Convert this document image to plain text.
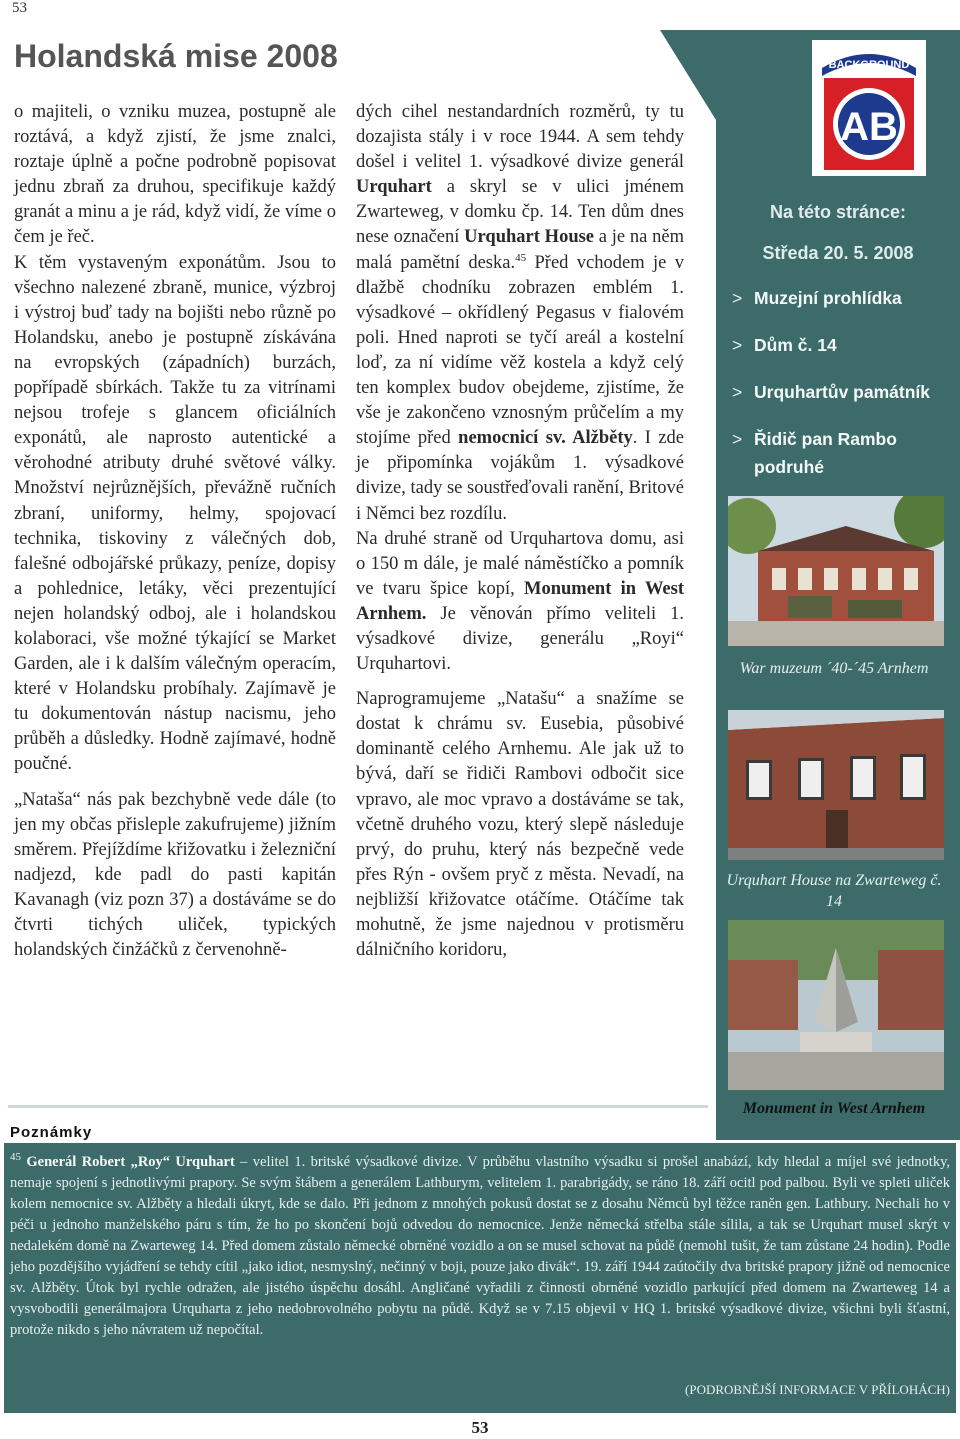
53
Holandská mise 2008

o majiteli, o vzniku muzea, postupně ale roztává, a když zjistí, že jsme znalci, roztaje úplně a počne podrobně popisovat jednu zbraň za druhou, specifikuje každý granát a minu a je rád, když vidí, že víme o čem je řeč.

K těm vystaveným exponátům. Jsou to všechno nalezené zbraně, munice, výzbroj i výstroj buď tady na bojišti nebo různě po Holandsku, anebo je postupně získávána na evropských (západních) burzách, popřípadě sbírkách. Takže tu za vitrínami nejsou trofeje s glancem oficiálních exponátů, ale naprosto autentické a věrohodné atributy druhé světové války. Množství nejrůznějších, převážně ručních zbraní, uniformy, helmy, spojovací technika, tiskoviny z válečných dob, falešné odbojářské průkazy, peníze, dopisy a pohlednice, letáky, věci prezentující nejen holandský odboj, ale i holandskou kolaboraci, vše možné týkající se Market Garden, ale i k dalším válečným operacím, které v Holandsku probíhaly. Zajímavě je tu dokumentován nástup nacismu, jeho průběh a důsledky. Hodně zajímavé, hodně poučné.

„Nataša“ nás pak bezchybně vede dále (to jen my občas přisleple zakufrujeme) jižním směrem. Přejíždíme křižovatku i železniční nadjezd, kde padl do pasti kapitán Kavanagh (viz pozn 37) a dostáváme se do čtvrti tichých uliček, typických holandských činžáčků z červenohně-

dých cihel nestandardních rozměrů, ty tu dozajista stály i v roce 1944. A sem tehdy došel i velitel 1. výsadkové divize generál Urquhart a skryl se v ulici jménem Zwarteweg, v domku čp. 14. Ten dům dnes nese označení Urquhart House a je na něm malá pamětní deska.$^{45}$ Před vchodem je v dlažbě chodníku zobrazen emblém 1. výsadkové – okřídlený Pegasus v fialovém poli. Hned naproti se tyčí areál a kostelní loď, za ní vidíme věž kostela a když celý ten komplex budov obejdeme, zjistíme, že vše je zakončeno vznosným průčelím a my stojíme před nemocnicí sv. Alžběty. I zde je připomínka vojákům 1. výsadkové divize, tady se soustřeďovali ranění, Britové i Němci bez rozdílu.

Na druhé straně od Urquhartova domu, asi o 150 m dále, je malé náměstíčko a pomník ve tvaru špice kopí, Monument in West Arnhem. Je věnován přímo veliteli 1. výsadkové divize, generálu „Royi“ Urquhartovi.

Naprogramujeme „Natašu“ a snažíme se dostat k chrámu sv. Eusebia, působivé dominantě celého Arnhemu. Ale jak už to bývá, daří se řidiči Rambovi odbočit sice vpravo, ale moc vpravo a dostáváme se tak, včetně druhého vozu, který slepě následuje prvý, do pruhu, který nás bezpečně vede přes Rýn - ovšem pryč z města. Nevadí, na nejbližší křižovatce otáčíme. Otáčíme tak mohutně, že jsme najednou v protisměru dálničního koridoru,

BACKGROUND
AB
Na této stránce:
Středa 20. 5. 2008
> Muzejní prohlídka
> Dům č. 14
> Urquhartův památník
> Řidič pan Rambo podruhé
War muzeum ´40-´45 Arnhem
Urquhart House na Zwarteweg č. 14
Monument in West Arnhem
Poznámky
$^{45}$ Generál Robert „Roy“ Urquhart – velitel 1. britské výsadkové divize. V průběhu vlastního výsadku si prošel anabází, kdy hledal a míjel své jednotky, nemaje spojení s jednotlivými prapory. Se svým štábem a generálem Lathburym, velitelem 1. parabrigády, se ráno 18. září ocitl pod palbou. Byli ve spleti uliček kolem nemocnice sv. Alžběty a hledali úkryt, kde se dalo. Při jednom z mnohých pokusů dostat se z dosahu Němců byl těžce raněn gen. Lathbury. Nechali ho v péči u jednoho manželského páru s tím, že ho po skončení bojů odvedou do nemocnice. Jenže německá střelba stále sílila, a tak se Urquhart musel skrýt v nedalekém domě na Zwarteweg 14. Před domem zůstalo německé obrněné vozidlo a on se musel schovat na půdě (nemohl tušit, že tam zůstane 24 hodin). Podle jeho pozdějšího vyjádření se tehdy cítil „jako idiot, nesmyslný, nečinný v boji, pouze jako divák“. 19. září 1944 zaútočily dva britské prapory jižně od nemocnice sv. Alžběty. Útok byl rychle odražen, ale jistého úspěchu dosáhl. Angličané vyřadili z činnosti obrněné vozidlo parkující před domem na Zwarteweg 14 a vysvobodili generálmajora Urquharta z jeho nedobrovolného pobytu na půdě. Když se v 7.15 objevil v HQ 1. britské výsadkové divize, všichni byli šťastní, protože nikdo s jeho návratem už nepočítal.
(PODROBNĚJŠÍ INFORMACE V PŘÍLOHÁCH)
53
